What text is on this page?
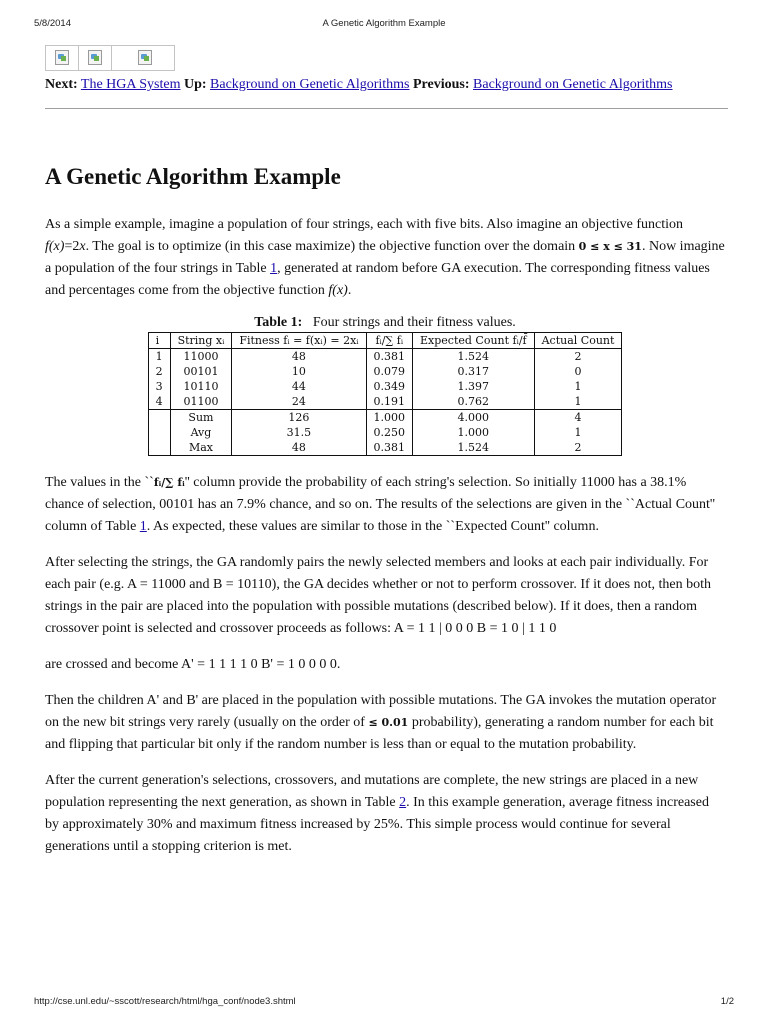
5/8/2014	A Genetic Algorithm Example
Next: The HGA System Up: Background on Genetic Algorithms Previous: Background on Genetic Algorithms
A Genetic Algorithm Example

As a simple example, imagine a population of four strings, each with five bits. Also imagine an objective function f(x)=2x. The goal is to optimize (in this case maximize) the objective function over the domain 0 ≤ x ≤ 31. Now imagine a population of the four strings in Table 1, generated at random before GA execution. The corresponding fitness values and percentages come from the objective function f(x).

Table 1: Four strings and their fitness values.
i	String xᵢ	Fitness fᵢ = f(xᵢ) = 2xᵢ	fᵢ/∑ fᵢ	Expected Count fᵢ/f̄	Actual Count
1	11000	48	0.381	1.524	2
2	00101	10	0.079	0.317	0
3	10110	44	0.349	1.397	1
4	01100	24	0.191	0.762	1
	Sum	126	1.000	4.000	4
	Avg	31.5	0.250	1.000	1
	Max	48	0.381	1.524	2

The values in the ``fᵢ/∑ fᵢ'' column provide the probability of each string's selection. So initially 11000 has a 38.1% chance of selection, 00101 has an 7.9% chance, and so on. The results of the selections are given in the ``Actual Count'' column of Table 1. As expected, these values are similar to those in the ``Expected Count'' column.

After selecting the strings, the GA randomly pairs the newly selected members and looks at each pair individually. For each pair (e.g. A = 11000 and B = 10110), the GA decides whether or not to perform crossover. If it does not, then both strings in the pair are placed into the population with possible mutations (described below). If it does, then a random crossover point is selected and crossover proceeds as follows: A = 1 1 | 0 0 0 B = 1 0 | 1 1 0

are crossed and become A' = 1 1 1 1 0 B' = 1 0 0 0 0.

Then the children A' and B' are placed in the population with possible mutations. The GA invokes the mutation operator on the new bit strings very rarely (usually on the order of ≤ 0.01 probability), generating a random number for each bit and flipping that particular bit only if the random number is less than or equal to the mutation probability.

After the current generation's selections, crossovers, and mutations are complete, the new strings are placed in a new population representing the next generation, as shown in Table 2. In this example generation, average fitness increased by approximately 30% and maximum fitness increased by 25%. This simple process would continue for several generations until a stopping criterion is met.

http://cse.unl.edu/~sscott/research/html/hga_conf/node3.shtml	1/2
